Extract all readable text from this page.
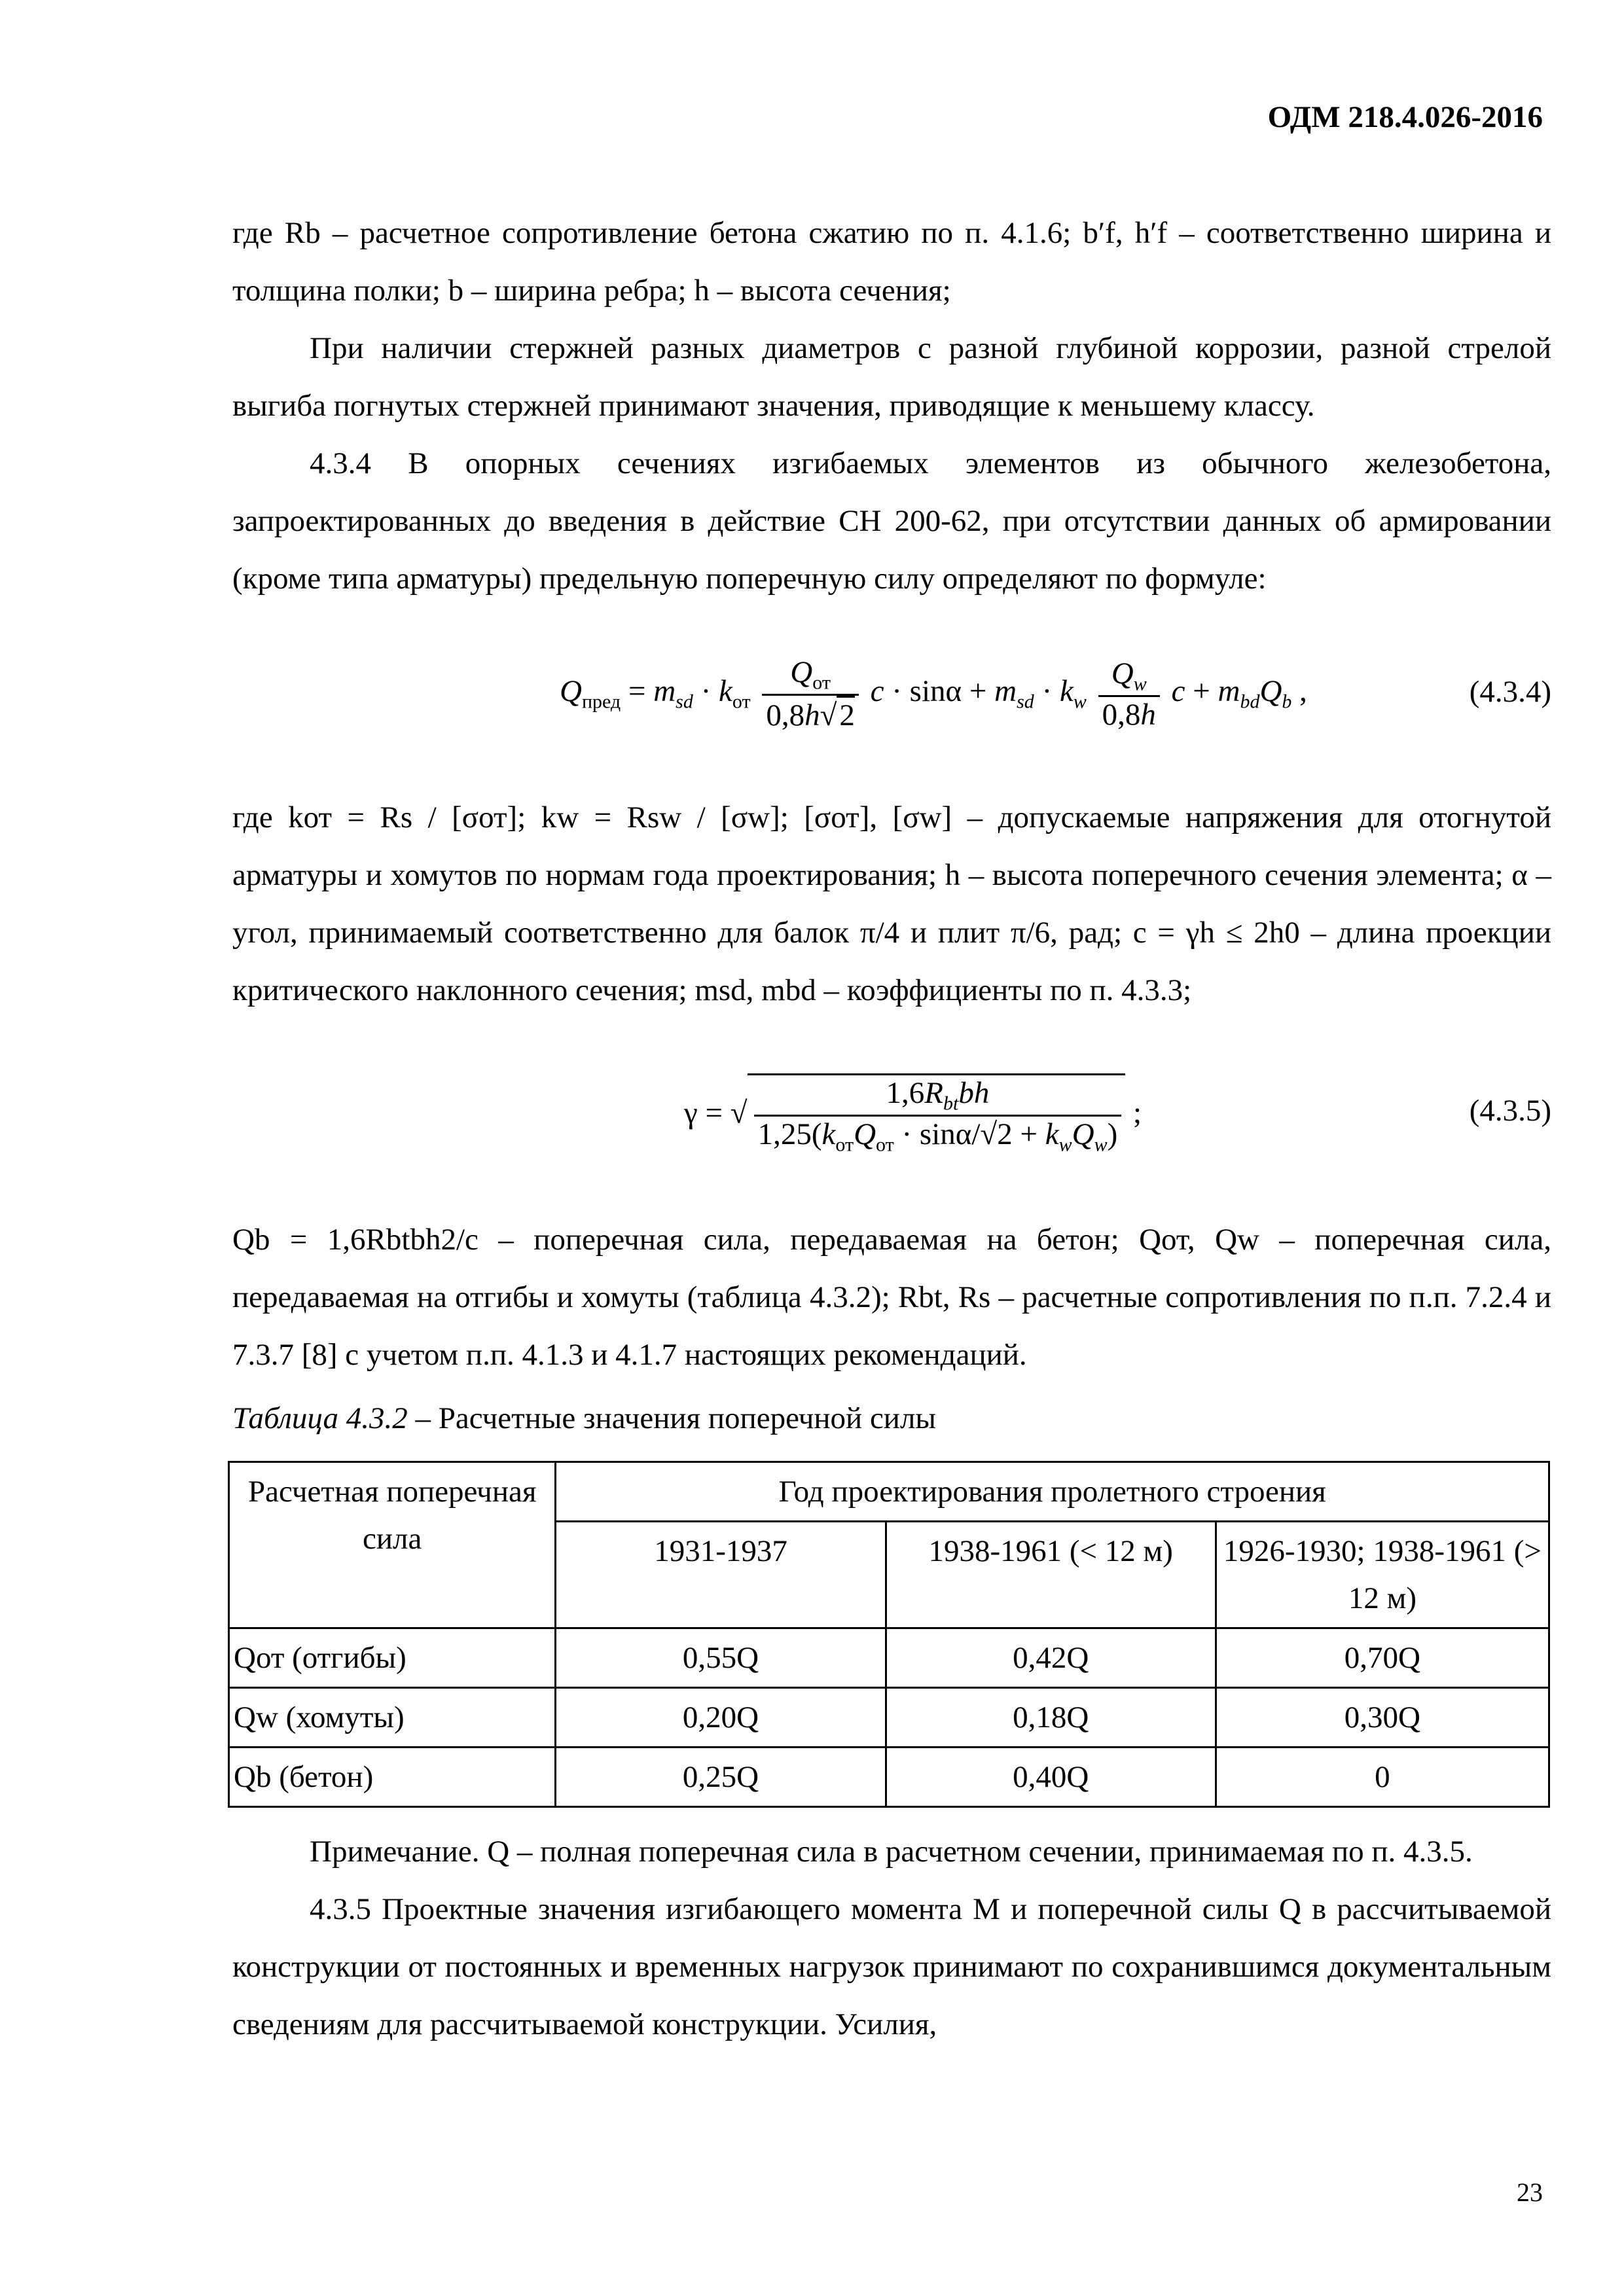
ОДМ 218.4.026-2016

где Rb – расчетное сопротивление бетона сжатию по п. 4.1.6; b′f, h′f – соответственно ширина и толщина полки; b – ширина ребра; h – высота сечения;

При наличии стержней разных диаметров с разной глубиной коррозии, разной стрелой выгиба погнутых стержней принимают значения, приводящие к меньшему классу.

4.3.4 В опорных сечениях изгибаемых элементов из обычного железобетона, запроектированных до введения в действие СН 200-62, при отсутствии данных об армировании (кроме типа арматуры) предельную поперечную силу определяют по формуле:

$Q_{пред} = m_{sd} \cdot k_{от} \frac{Q_{от}}{0,8h√2}$ $c \cdot \sin\alpha + m_{sd} \cdot k_w \frac{Q_w}{0,8h}$ $c + m_{bd}Q_b$ ,	(4.3.4)

где kот = Rs / [σот]; kw = Rsw / [σw]; [σот], [σw] – допускаемые напряжения для отогнутой арматуры и хомутов по нормам года проектирования; h – высота поперечного сечения элемента; α – угол, принимаемый соответственно для балок π/4 и плит π/6, рад; c = γh ≤ 2h0 – длина проекции критического наклонного сечения; msd, mbd – коэффициенты по п. 4.3.3;

γ = √ $\frac{1,6R_{bt}bh}{1,25(k_{от}Q_{от} \cdot \sin\alpha/√2 + k_wQ_w)}$ ;	(4.3.5)

Qb = 1,6Rbtbh2/c – поперечная сила, передаваемая на бетон; Qот, Qw – поперечная сила, передаваемая на отгибы и хомуты (таблица 4.3.2); Rbt, Rs – расчетные сопротивления по п.п. 7.2.4 и 7.3.7 [8] с учетом п.п. 4.1.3 и 4.1.7 настоящих рекомендаций.

Таблица 4.3.2 – Расчетные значения поперечной силы
Расчетная поперечная сила	Год проектирования пролетного строения		
	1931-1937	1938-1961 (< 12 м)	1926-1930; 1938-1961 (> 12 м)
Qот (отгибы)	0,55Q	0,42Q	0,70Q
Qw (хомуты)	0,20Q	0,18Q	0,30Q
Qb (бетон)	0,25Q	0,40Q	0

Примечание. Q – полная поперечная сила в расчетном сечении, принимаемая по п. 4.3.5.

4.3.5 Проектные значения изгибающего момента M и поперечной силы Q в рассчитываемой конструкции от постоянных и временных нагрузок принимают по сохранившимся документальным сведениям для рассчитываемой конструкции. Усилия,

23
